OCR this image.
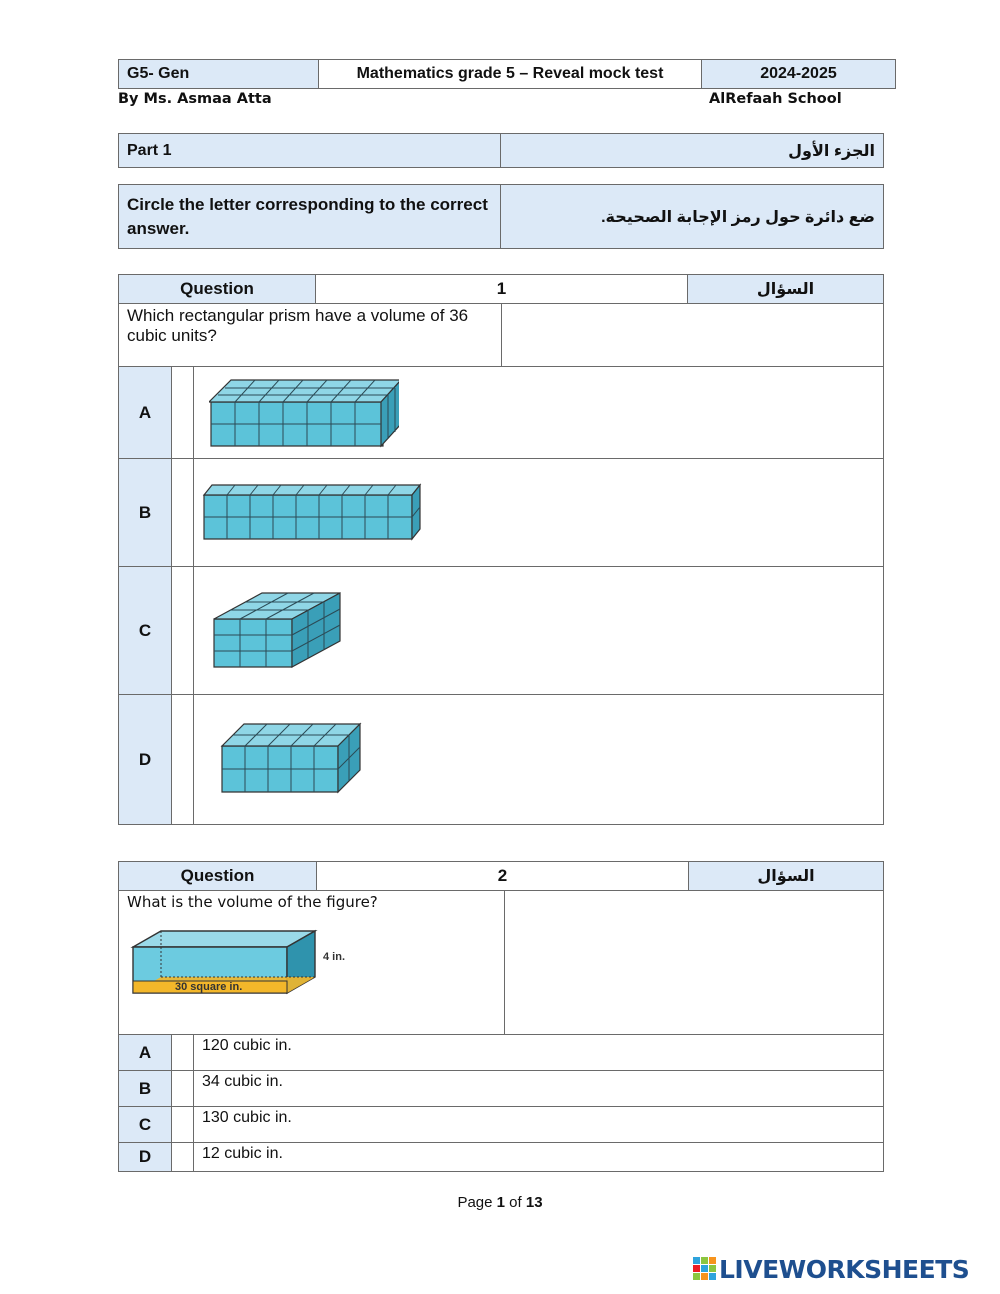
G5- Gen	Mathematics grade 5 – Reveal mock test	2024-2025
By Ms. Asmaa Atta	AlRefaah School
Part 1	الجزء الأول
Circle the letter corresponding to the correct answer.	ضع دائرة حول رمز الإجابة الصحيحة.
Question			1		السؤال
Which rectangular prism have a volume of 36 cubic units?					
A		

B		

C		

D		
Question			2		السؤال

What is the volume of the figure?
4 in.
30 square in.					

A		120 cubic in.			
B		34 cubic in.			
C		130 cubic in.			
D		12 cubic in.			
Page 1 of 13
LIVEWORKSHEETS
